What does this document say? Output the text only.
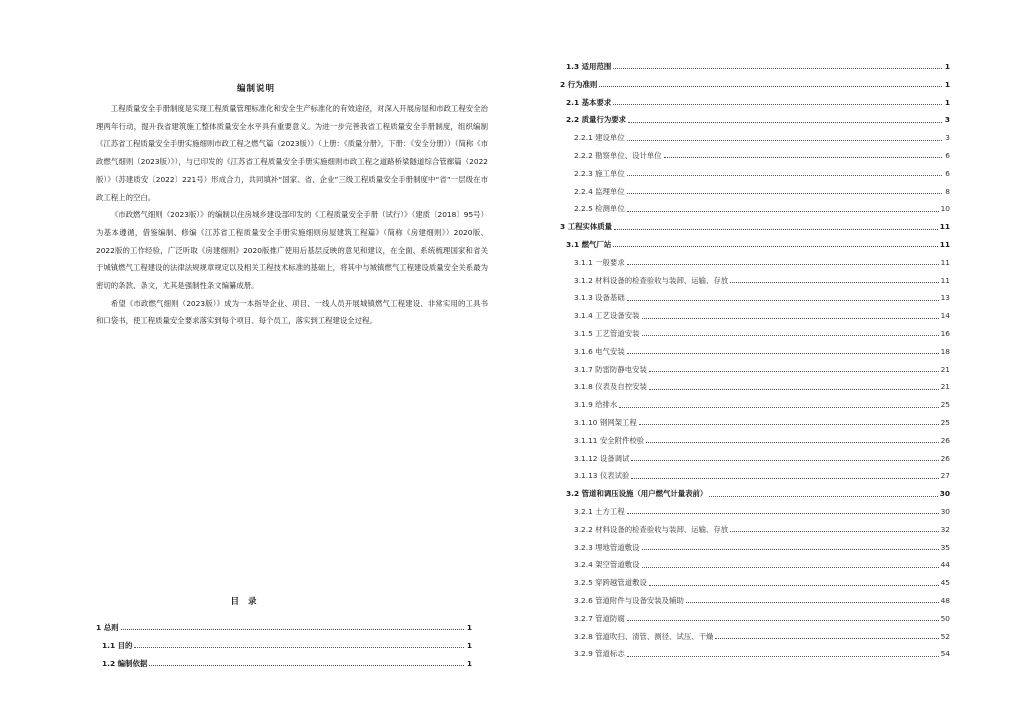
编制说明

工程质量安全手册制度是实现工程质量管理标准化和安全生产标准化的有效途径，对深入开展房屋和市政工程安全治理两年行动，提升我省建筑施工整体质量安全水平具有重要意义。为进一步完善我省工程质量安全手册制度，组织编制《江苏省工程质量安全手册实施细则市政工程之燃气篇（2023版）》（上册：《质量分册》，下册：《安全分册》）（简称《市政燃气细则（2023版）》），与已印发的《江苏省工程质量安全手册实施细则市政工程之道路桥梁隧道综合管廊篇（2022版）》（苏建质安〔2022〕221号）形成合力，共同填补“国家、省、企业”三级工程质量安全手册制度中“省”一层级在市政工程上的空白。

《市政燃气细则（2023版）》的编制以住房城乡建设部印发的《工程质量安全手册（试行）》（建质〔2018〕95号）为基本遵循，借鉴编制、修编《江苏省工程质量安全手册实施细则房屋建筑工程篇》（简称《房建细则》）2020版、2022版的工作经验，广泛听取《房建细则》2020版推广使用后基层反映的意见和建议，在全面、系统梳理国家和省关于城镇燃气工程建设的法律法规规章规定以及相关工程技术标准的基础上，将其中与城镇燃气工程建设质量安全关系最为密切的条款、条文，尤其是强制性条文编纂成册。

希望《市政燃气细则（2023版）》成为一本指导企业、项目、一线人员开展城镇燃气工程建设、非常实用的工具书和口袋书，使工程质量安全要求落实到每个项目、每个员工，落实到工程建设全过程。

目 录
1 总则	1
1.1 目的	1
1.2 编制依据	1
1.3 适用范围	1
2 行为准则	1
2.1 基本要求	1
2.2 质量行为要求	3
2.2.1 建设单位	3
2.2.2 勘察单位、设计单位	6
2.2.3 施工单位	6
2.2.4 监理单位	8
2.2.5 检测单位	10
3 工程实体质量	11
3.1 燃气厂站	11
3.1.1 一般要求	11
3.1.2 材料设备的检查验收与装卸、运输、存放	11
3.1.3 设备基础	13
3.1.4 工艺设备安装	14
3.1.5 工艺管道安装	16
3.1.6 电气安装	18
3.1.7 防雷防静电安装	21
3.1.8 仪表及自控安装	21
3.1.9 给排水	25
3.1.10 钢网架工程	25
3.1.11 安全附件校验	26
3.1.12 设备调试	26
3.1.13 仪表试验	27
3.2 管道和调压设施（用户燃气计量表前）	30
3.2.1 土方工程	30
3.2.2 材料设备的检查验收与装卸、运输、存放	32
3.2.3 埋地管道敷设	35
3.2.4 架空管道敷设	44
3.2.5 穿跨越管道敷设	45
3.2.6 管道附件与设备安装及辅助	48
3.2.7 管道防腐	50
3.2.8 管道吹扫、清管、测径、试压、干燥	52
3.2.9 管道标志	54
